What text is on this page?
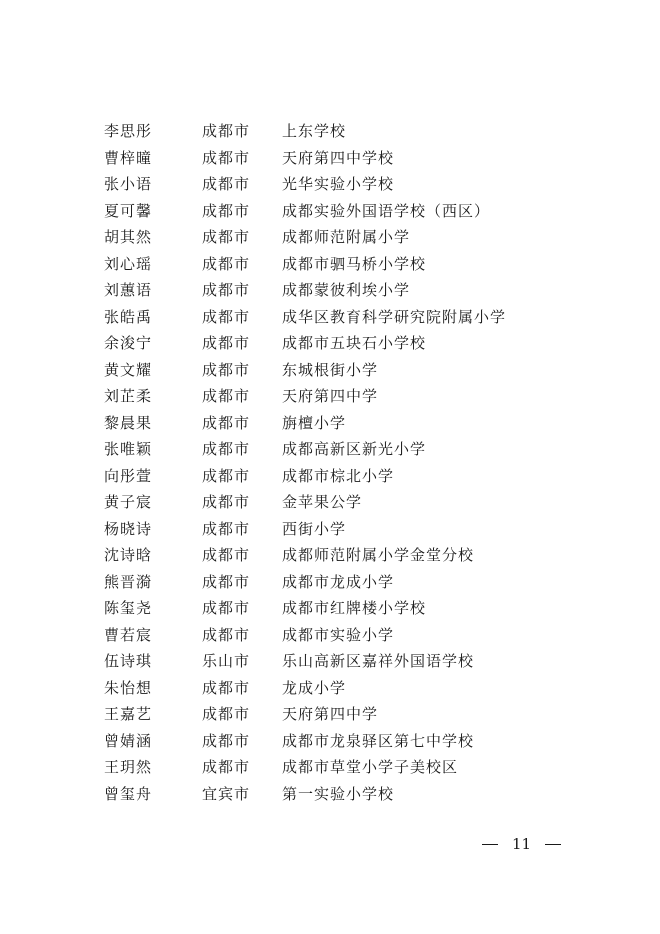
李思彤	成都市 上东学校
曹梓曈	成都市 天府第四中学校
张小语	成都市 光华实验小学校
夏可馨	成都市 成都实验外国语学校（西区）
胡其然	成都市 成都师范附属小学
刘心瑶	成都市 成都市驷马桥小学校
刘蕙语	成都市 成都蒙彼利埃小学
张皓禹	成都市 成华区教育科学研究院附属小学
余浚宁	成都市 成都市五块石小学校
黄文耀	成都市 东城根街小学
刘芷柔	成都市 天府第四中学
黎晨果	成都市 旃檀小学
张唯颖	成都市 成都高新区新光小学
向彤萱	成都市 成都市棕北小学
黄子宸	成都市 金苹果公学
杨晓诗	成都市 西街小学
沈诗晗	成都市 成都师范附属小学金堂分校
熊晋漪	成都市 成都市龙成小学
陈玺尧	成都市 成都市红牌楼小学校
曹若宸	成都市 成都市实验小学
伍诗琪	乐山市 乐山高新区嘉祥外国语学校
朱怡想	成都市 龙成小学
王嘉艺	成都市 天府第四中学
曾婧涵	成都市 成都市龙泉驿区第七中学校
王玥然	成都市 成都市草堂小学子美校区
曾玺舟	宜宾市 第一实验小学校
11
